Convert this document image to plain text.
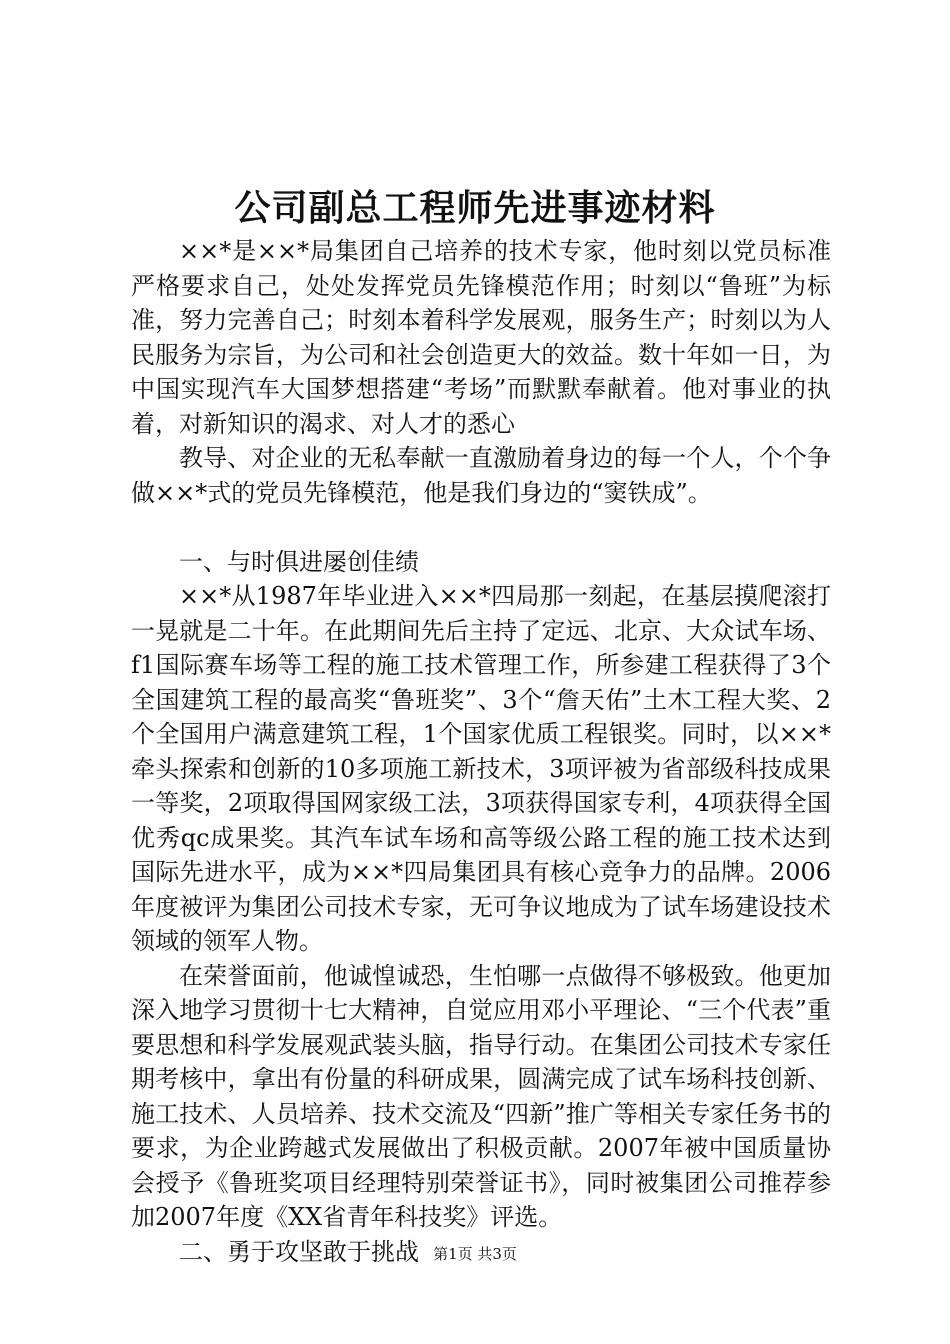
公司副总工程师先进事迹材料

××*是××*局集团自己培养的技术专家，他时刻以党员标准严格要求自己，处处发挥党员先锋模范作用；时刻以“鲁班”为标准，努力完善自己；时刻本着科学发展观，服务生产；时刻以为人民服务为宗旨，为公司和社会创造更大的效益。数十年如一日，为中国实现汽车大国梦想搭建“考场”而默默奉献着。他对事业的执着，对新知识的渴求、对人才的悉心

教导、对企业的无私奉献一直激励着身边的每一个人，个个争做××*式的党员先锋模范，他是我们身边的“窦铁成”。

一、与时俱进屡创佳绩

××*从1987年毕业进入××*四局那一刻起，在基层摸爬滚打一晃就是二十年。在此期间先后主持了定远、北京、大众试车场、f1国际赛车场等工程的施工技术管理工作，所参建工程获得了3个全国建筑工程的最高奖“鲁班奖”、3个“詹天佑”土木工程大奖、2个全国用户满意建筑工程，1个国家优质工程银奖。同时，以××*牵头探索和创新的10多项施工新技术，3项评被为省部级科技成果一等奖，2项取得国网家级工法，3项获得国家专利，4项获得全国优秀qc成果奖。其汽车试车场和高等级公路工程的施工技术达到国际先进水平，成为××*四局集团具有核心竞争力的品牌。2006年度被评为集团公司技术专家，无可争议地成为了试车场建设技术领域的领军人物。

在荣誉面前，他诚惶诚恐，生怕哪一点做得不够极致。他更加深入地学习贯彻十七大精神，自觉应用邓小平理论、“三个代表”重要思想和科学发展观武装头脑，指导行动。在集团公司技术专家任期考核中，拿出有份量的科研成果，圆满完成了试车场科技创新、施工技术、人员培养、技术交流及“四新”推广等相关专家任务书的要求，为企业跨越式发展做出了积极贡献。2007年被中国质量协会授予《鲁班奖项目经理特别荣誉证书》，同时被集团公司推荐参加2007年度《XX省青年科技奖》评选。

二、勇于攻坚敢于挑战 第1页 共3页
